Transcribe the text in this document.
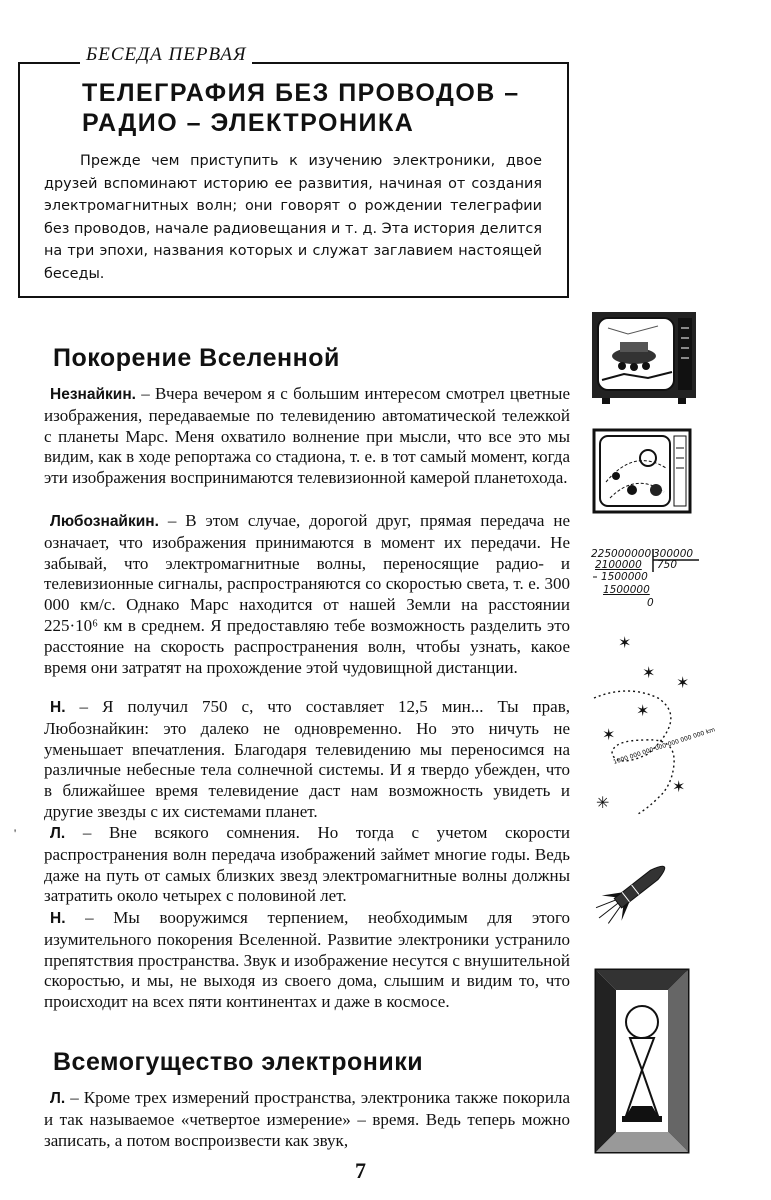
БЕСЕДА ПЕРВАЯ
ТЕЛЕГРАФИЯ БЕЗ ПРОВОДОВ –
РАДИО – ЭЛЕКТРОНИКА

Прежде чем приступить к изучению электроники, двое друзей вспоминают историю ее развития, начиная от создания электромагнитных волн; они говорят о рождении телеграфии без проводов, начале радиовещания и т. д. Эта история делится на три эпохи, названия которых и служат заглавием настоящей беседы.

Покорение Вселенной

Незнайкин. – Вчера вечером я с большим интересом смотрел цветные изображения, передаваемые по телевидению автоматической тележкой с планеты Марс. Меня охватило волнение при мысли, что все это мы видим, как в ходе репортажа со стадиона, т. е. в тот самый момент, когда эти изображения воспринимаются телевизионной камерой планетохода.

Любознайкин. – В этом случае, дорогой друг, прямая передача не означает, что изображения принимаются в момент их передачи. Не забывай, что электромагнитные волны, переносящие радио- и телевизионные сигналы, распространяются со скоростью света, т. е. 300 000 км/с. Однако Марс находится от нашей Земли на расстоянии 225·10⁶ км в среднем. Я предоставляю тебе возможность разделить это расстояние на скорость распространения волн, чтобы узнать, какое время они затратят на прохождение этой чудовищной дистанции.

Н. – Я получил 750 с, что составляет 12,5 мин... Ты прав, Любознайкин: это далеко не одновременно. Но это ничуть не уменьшает впечатления. Благодаря телевидению мы переносимся на различные небесные тела солнечной системы. И я твердо убежден, что в ближайшее время телевидение даст нам возможность увидеть и другие звезды с их системами планет.

Л. – Вне всякого сомнения. Но тогда с учетом скорости распространения волн передача изображений займет многие годы. Ведь даже на путь от самых близких звезд электромагнитные волны должны затратить около четырех с половиной лет.

Н. – Мы вооружимся терпением, необходимым для этого изумительного покорения Вселенной. Развитие электроники устранило препятствия пространства. Звук и изображение несутся с внушительной скоростью, и мы, не выходя из своего дома, слышим и видим то, что происходит на всех пяти континентах и даже в космосе.

Всемогущество электроники

Л. – Кроме трех измерений пространства, электроника также покорила и так называемое «четвертое измерение» – время. Ведь теперь можно записать, а потом воспроизвести как звук,

7
'
225000000 300000
2100000 750
1500000
1500000
0
✶
✶
✶
✶
✶
✶
✳
1000 000 000 000 000 000 000 km
